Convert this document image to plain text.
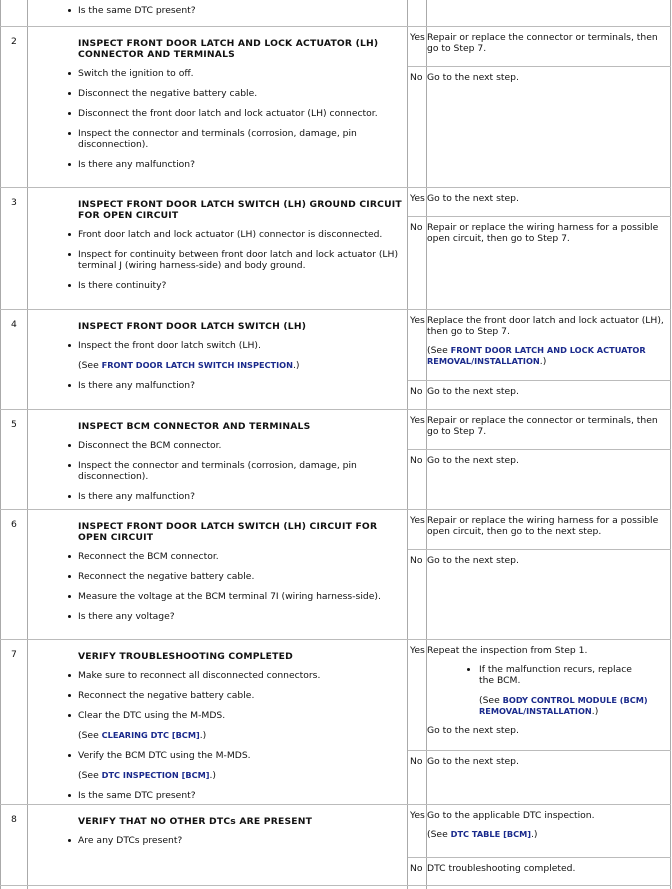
Is the same DTC present?
2	INSPECT FRONT DOOR LATCH AND LOCK ACTUATOR (LH) CONNECTOR AND TERMINALS
Switch the ignition to off.
Disconnect the negative battery cable.
Disconnect the front door latch and lock actuator (LH) connector.
Inspect the connector and terminals (corrosion, damage, pin disconnection).
Is there any malfunction?
Yes Repair or replace the connector or terminals, then go to Step 7.
No Go to the next step.
3	INSPECT FRONT DOOR LATCH SWITCH (LH) GROUND CIRCUIT FOR OPEN CIRCUIT
Front door latch and lock actuator (LH) connector is disconnected.
Inspect for continuity between front door latch and lock actuator (LH) terminal J (wiring harness-side) and body ground.
Is there continuity?
Yes Go to the next step.
No Repair or replace the wiring harness for a possible open circuit, then go to Step 7.
4	INSPECT FRONT DOOR LATCH SWITCH (LH)
Inspect the front door latch switch (LH).
(See FRONT DOOR LATCH SWITCH INSPECTION.)
Is there any malfunction?
Yes Replace the front door latch and lock actuator (LH), then go to Step 7.
(See FRONT DOOR LATCH AND LOCK ACTUATOR REMOVAL/INSTALLATION.)
No Go to the next step.
5	INSPECT BCM CONNECTOR AND TERMINALS
Disconnect the BCM connector.
Inspect the connector and terminals (corrosion, damage, pin disconnection).
Is there any malfunction?
Yes Repair or replace the connector or terminals, then go to Step 7.
No Go to the next step.
6	INSPECT FRONT DOOR LATCH SWITCH (LH) CIRCUIT FOR OPEN CIRCUIT
Reconnect the BCM connector.
Reconnect the negative battery cable.
Measure the voltage at the BCM terminal 7I (wiring harness-side).
Is there any voltage?
Yes Repair or replace the wiring harness for a possible open circuit, then go to the next step.
No Go to the next step.
7	VERIFY TROUBLESHOOTING COMPLETED
Make sure to reconnect all disconnected connectors.
Reconnect the negative battery cable.
Clear the DTC using the M-MDS.
(See CLEARING DTC [BCM].)
Verify the BCM DTC using the M-MDS.
(See DTC INSPECTION [BCM].)
Is the same DTC present?
Yes Repeat the inspection from Step 1.
If the malfunction recurs, replace the BCM.
(See BODY CONTROL MODULE (BCM) REMOVAL/INSTALLATION.)
Go to the next step.
No Go to the next step.
8	VERIFY THAT NO OTHER DTCs ARE PRESENT
Are any DTCs present?
Yes Go to the applicable DTC inspection.
(See DTC TABLE [BCM].)
No DTC troubleshooting completed.
